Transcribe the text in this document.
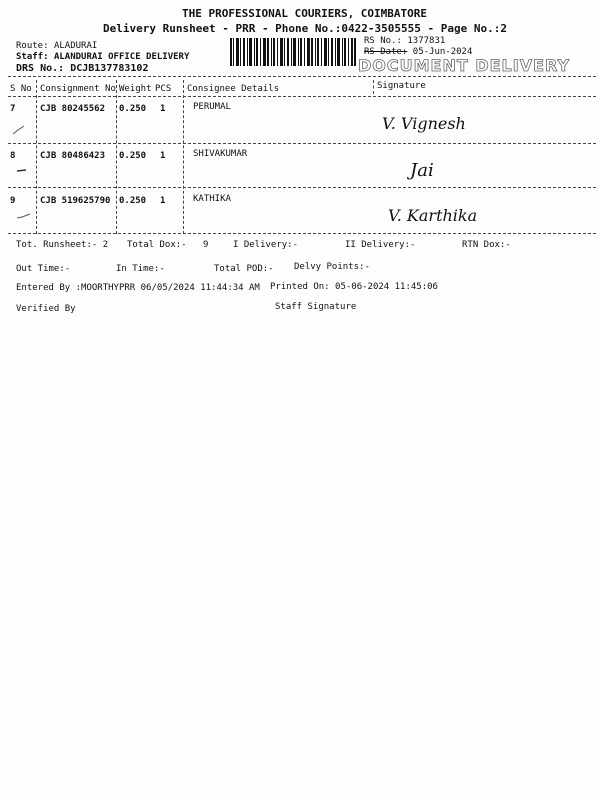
THE PROFESSIONAL COURIERS, COIMBATORE
Delivery Runsheet - PRR - Phone No.:0422-3505555 - Page No.:2
Route: ALADURAI
Staff: ALANDURAI OFFICE DELIVERY
DRS No.: DCJB137783102
RS No.: 1377831
RS Date: 05-Jun-2024
DOCUMENT DELIVERY
S No Consignment No Weight PCS Consignee Details	Signature
7	CJB 80245562 0.250 1	PERUMAL
V. Vignesh
8	CJB 80486423 0.250 1	SHIVAKUMAR
Jai
9	CJB 519625790 0.250 1	KATHIKA
V. Karthika
Tot. Runsheet:- 2 Total Dox:- 9	I Delivery:-	II Delivery:-	RTN Dox:-
Out Time:-	In Time:-	Total POD:- Delvy Points:-
Entered By :MOORTHYPRR 06/05/2024 11:44:34 AM Printed On: 05-06-2024 11:45:06
Verified By	Staff Signature
